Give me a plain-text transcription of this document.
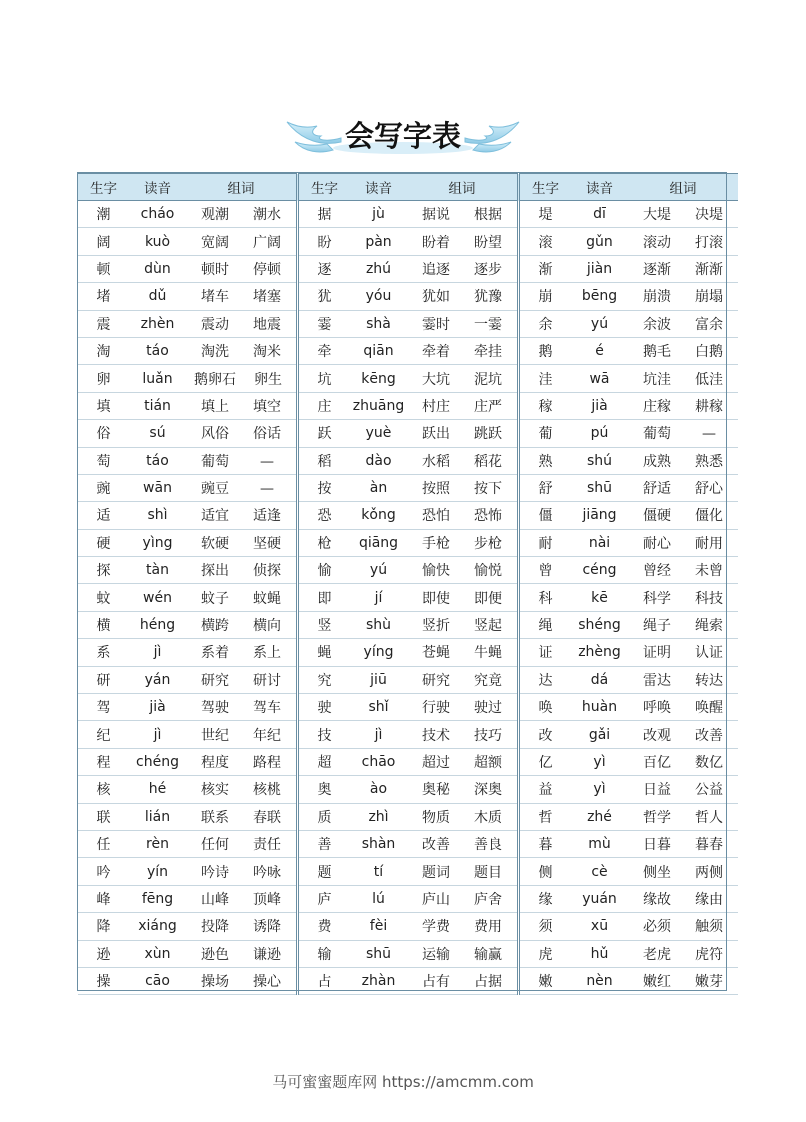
会写字表
生字	读音	组词		生字	读音	组词		生字	读音	组词
潮	cháo	观潮 潮水		据	jù	据说 根据		堤	dī	大堤 决堤
阔	kuò	宽阔 广阔		盼	pàn	盼着 盼望		滚	gǔn	滚动 打滚
顿	dùn	顿时 停顿		逐	zhú	追逐 逐步		渐	jiàn	逐渐 渐渐
堵	dǔ	堵车 堵塞		犹	yóu	犹如 犹豫		崩	bēng	崩溃 崩塌
震	zhèn	震动 地震		霎	shà	霎时 一霎		余	yú	余波 富余
淘	táo	淘洗 淘米		牵	qiān	牵着 牵挂		鹅	é	鹅毛 白鹅
卵	luǎn	鹅卵石 卵生		坑	kēng	大坑 泥坑		洼	wā	坑洼 低洼
填	tián	填上 填空		庄	zhuāng	村庄 庄严		稼	jià	庄稼 耕稼
俗	sú	风俗 俗话		跃	yuè	跃出 跳跃		葡	pú	葡萄 —
萄	táo	葡萄 —		稻	dào	水稻 稻花		熟	shú	成熟 熟悉
豌	wān	豌豆 —		按	àn	按照 按下		舒	shū	舒适 舒心
适	shì	适宜 适逢		恐	kǒng	恐怕 恐怖		僵	jiāng	僵硬 僵化
硬	yìng	软硬 坚硬		枪	qiāng	手枪 步枪		耐	nài	耐心 耐用
探	tàn	探出 侦探		愉	yú	愉快 愉悦		曾	céng	曾经 未曾
蚊	wén	蚊子 蚊蝇		即	jí	即使 即便		科	kē	科学 科技
横	héng	横跨 横向		竖	shù	竖折 竖起		绳	shéng	绳子 绳索
系	jì	系着 系上		蝇	yíng	苍蝇 牛蝇		证	zhèng	证明 认证
研	yán	研究 研讨		究	jiū	研究 究竟		达	dá	雷达 转达
驾	jià	驾驶 驾车		驶	shǐ	行驶 驶过		唤	huàn	呼唤 唤醒
纪	jì	世纪 年纪		技	jì	技术 技巧		改	gǎi	改观 改善
程	chéng	程度 路程		超	chāo	超过 超额		亿	yì	百亿 数亿
核	hé	核实 核桃		奥	ào	奥秘 深奥		益	yì	日益 公益
联	lián	联系 春联		质	zhì	物质 木质		哲	zhé	哲学 哲人
任	rèn	任何 责任		善	shàn	改善 善良		暮	mù	日暮 暮春
吟	yín	吟诗 吟咏		题	tí	题词 题目		侧	cè	侧坐 两侧
峰	fēng	山峰 顶峰		庐	lú	庐山 庐舍		缘	yuán	缘故 缘由
降	xiáng	投降 诱降		费	fèi	学费 费用		须	xū	必须 触须
逊	xùn	逊色 谦逊		输	shū	运输 输赢		虎	hǔ	老虎 虎符
操	cāo	操场 操心		占	zhàn	占有 占据		嫩	nèn	嫩红 嫩芽
马可蜜蜜题库网 https://amcmm.com
